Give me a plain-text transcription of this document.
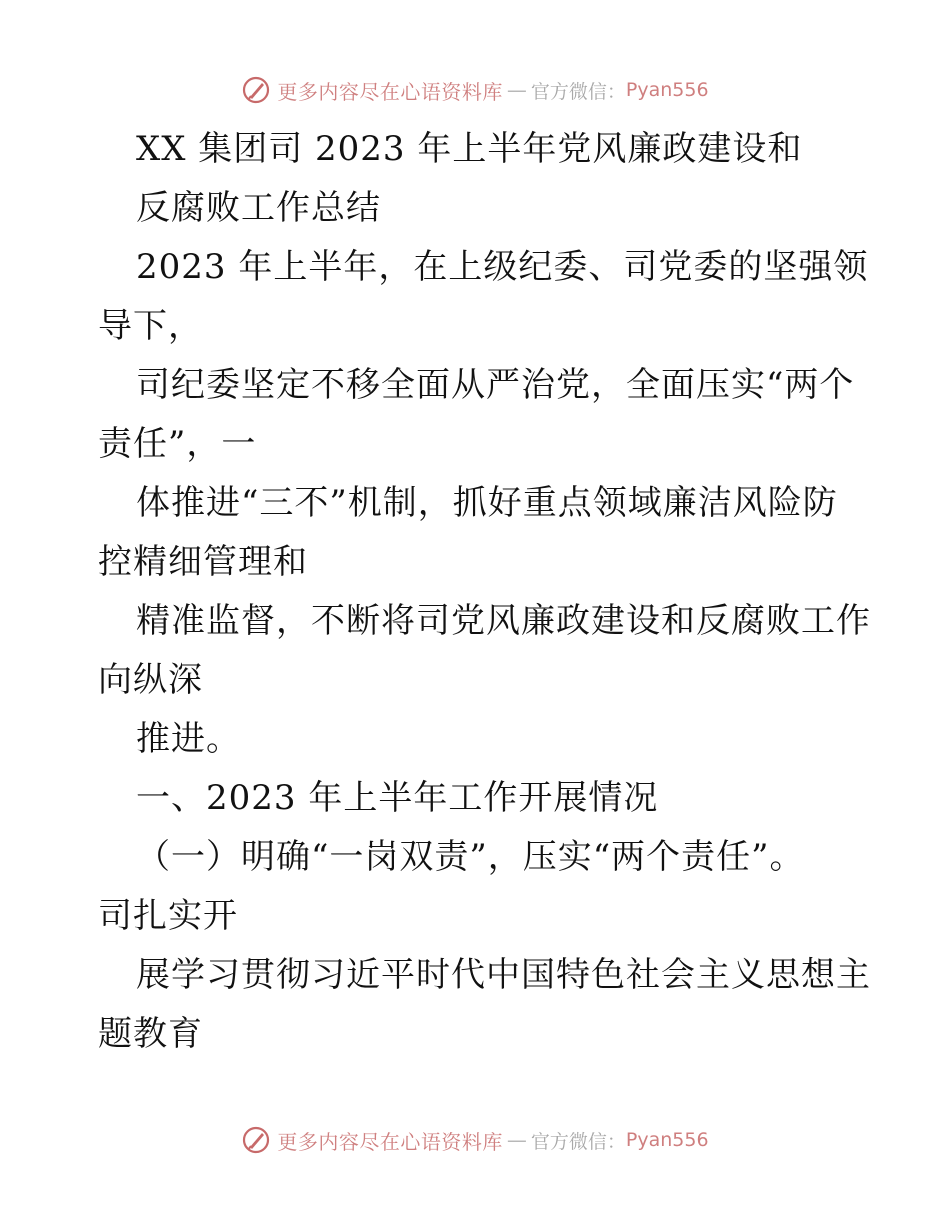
更多内容尽在心语资料库 — 官方微信： Pyan556
XX 集团司 2023 年上半年党风廉政建设和
反腐败工作总结
2023 年上半年，在上级纪委、司党委的坚强领
导下，
司纪委坚定不移全面从严治党，全面压实“两个
责任”，一
体推进“三不”机制，抓好重点领域廉洁风险防
控精细管理和
精准监督，不断将司党风廉政建设和反腐败工作
向纵深
推进。
一、2023 年上半年工作开展情况
（一）明确“一岗双责”，压实“两个责任”。
司扎实开
展学习贯彻习近平时代中国特色社会主义思想主
题教育
更多内容尽在心语资料库 — 官方微信： Pyan556
